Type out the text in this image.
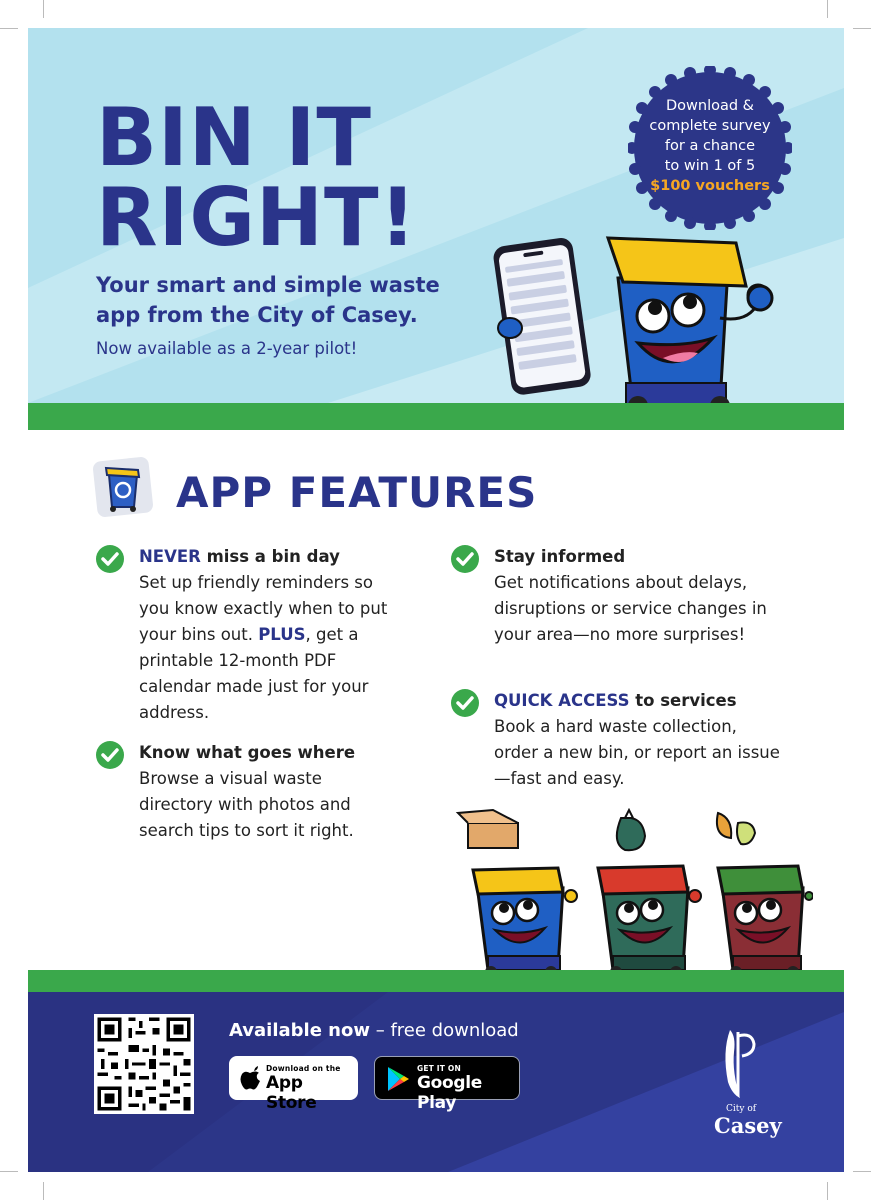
BIN IT
RIGHT!

Your smart and simple waste app from the City of Casey.

Now available as a 2-year pilot!

Download &
complete survey
for a chance
to win 1 of 5
$100 vouchers
APP FEATURES
NEVER miss a bin day

Set up friendly reminders so you know exactly when to put your bins out. PLUS, get a printable 12-month PDF calendar made just for your address.

Know what goes where

Browse a visual waste directory with photos and search tips to sort it right.

Stay informed

Get notifications about delays, disruptions or service changes in your area—no more surprises!

QUICK ACCESS to services

Book a hard waste collection, order a new bin, or report an issue—fast and easy.

Available now – free download

Download on the
App Store
GET IT ON
Google Play	City of
Casey
